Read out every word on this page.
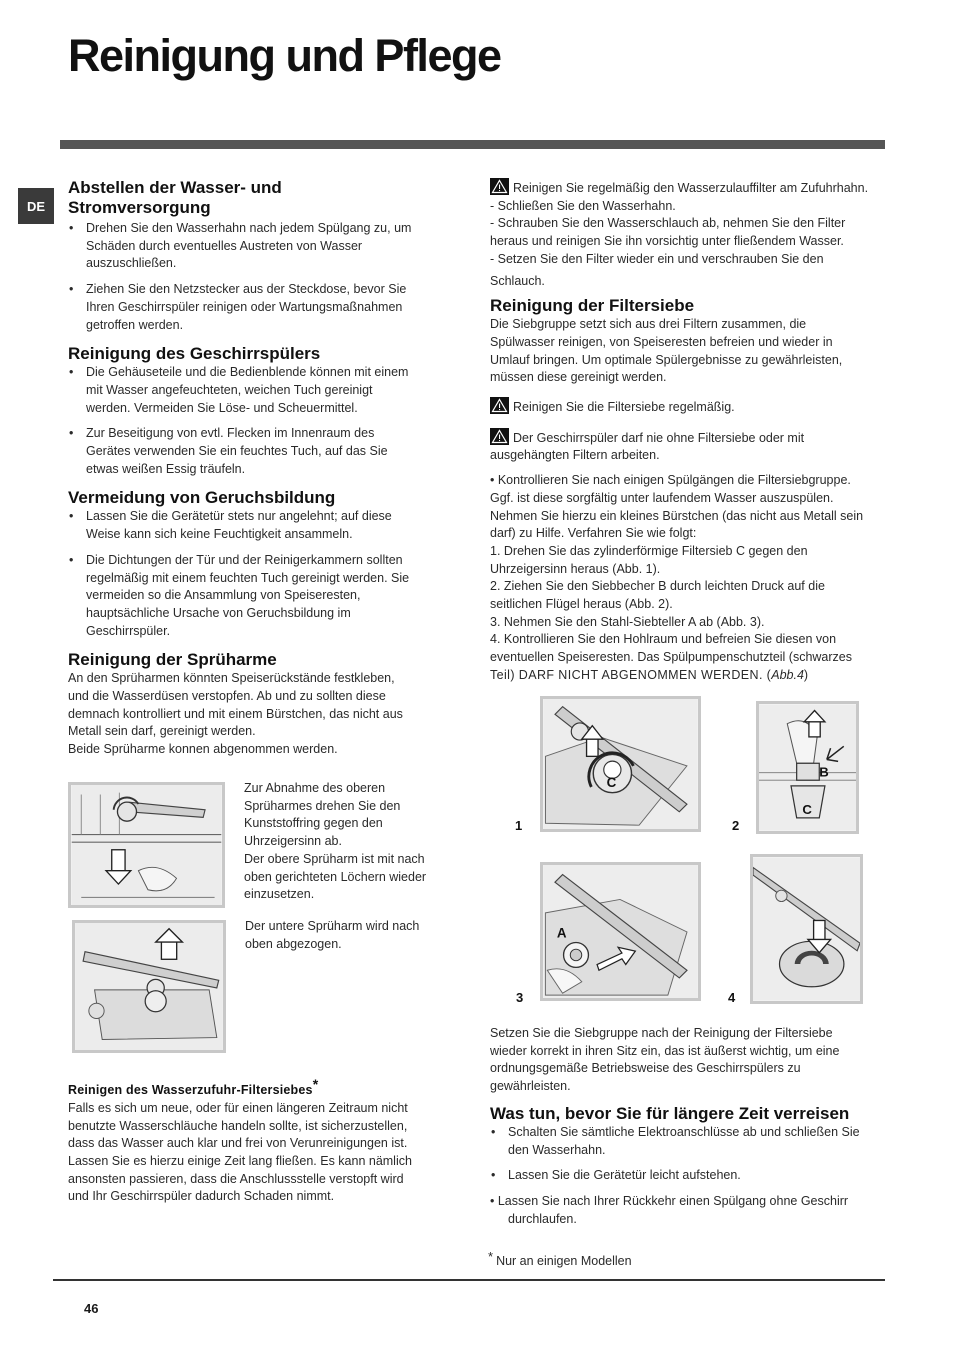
Reinigung und Pflege
DE
Abstellen der Wasser- und
Stromversorgung
• Drehen Sie den Wasserhahn nach jedem Spülgang zu, um
Schäden durch eventuelles Austreten von Wasser
auszuschließen.
• Ziehen Sie den Netzstecker aus der Steckdose, bevor Sie
Ihren Geschirrspüler reinigen oder Wartungsmaßnahmen
getroffen werden.
Reinigung des Geschirrspülers
• Die Gehäuseteile und die Bedienblende können mit einem
mit Wasser angefeuchteten, weichen Tuch gereinigt
werden. Vermeiden Sie Löse- und Scheuermittel.
• Zur Beseitigung von evtl. Flecken im Innenraum des
Gerätes verwenden Sie ein feuchtes Tuch, auf das Sie
etwas weißen Essig träufeln.
Vermeidung von Geruchsbildung
• Lassen Sie die Gerätetür stets nur angelehnt; auf diese
Weise kann sich keine Feuchtigkeit ansammeln.
• Die Dichtungen der Tür und der Reinigerkammern sollten
regelmäßig mit einem feuchten Tuch gereinigt werden. Sie
vermeiden so die Ansammlung von Speiseresten,
hauptsächliche Ursache von Geruchsbildung im
Geschirrspüler.
Reinigung der Sprüharme

An den Sprüharmen könnten Speiserückstände festkleben,
und die Wasserdüsen verstopfen. Ab und zu sollten diese
demnach kontrolliert und mit einem Bürstchen, das nicht aus
Metall sein darf, gereinigt werden.
Beide Sprüharme konnen abgenommen werden.

Zur Abnahme des oberen
Sprüharmes drehen Sie den
Kunststoffring gegen den
Uhrzeigersinn ab.
Der obere Sprüharm ist mit nach
oben gerichteten Löchern wieder
einzusetzen.
Der untere Sprüharm wird nach
oben abgezogen.
Reinigen des Wasserzufuhr-Filtersiebes*

Falls es sich um neue, oder für einen längeren Zeitraum nicht
benutzte Wasserschläuche handeln sollte, ist sicherzustellen,
dass das Wasser auch klar und frei von Verunreinigungen ist.
Lassen Sie es hierzu einige Zeit lang fließen. Es kann nämlich
ansonsten passieren, dass die Anschlussstelle verstopft wird
und Ihr Geschirrspüler dadurch Schaden nimmt.

Reinigen Sie regelmäßig den Wasserzulauffilter am Zufuhrhahn.
- Schließen Sie den Wasserhahn.
- Schrauben Sie den Wasserschlauch ab, nehmen Sie den Filter
heraus und reinigen Sie ihn vorsichtig unter fließendem Wasser.
- Setzen Sie den Filter wieder ein und verschrauben Sie den
Schlauch.
Reinigung der Filtersiebe

Die Siebgruppe setzt sich aus drei Filtern zusammen, die
Spülwasser reinigen, von Speiseresten befreien und wieder in
Umlauf bringen. Um optimale Spülergebnisse zu gewährleisten,
müssen diese gereinigt werden.

Reinigen Sie die Filtersiebe regelmäßig.
Der Geschirrspüler darf nie ohne Filtersiebe oder mit
ausgehängten Filtern arbeiten.

• Kontrollieren Sie nach einigen Spülgängen die Filtersiebgruppe.
Ggf. ist diese sorgfältig unter laufendem Wasser auszuspülen.
Nehmen Sie hierzu ein kleines Bürstchen (das nicht aus Metall sein
darf) zu Hilfe. Verfahren Sie wie folgt:
1. Drehen Sie das zylinderförmige Filtersieb C gegen den
Uhrzeigersinn heraus (Abb. 1).
2. Ziehen Sie den Siebbecher B durch leichten Druck auf die
seitlichen Flügel heraus (Abb. 2).
3. Nehmen Sie den Stahl-Siebteller A ab (Abb. 3).
4. Kontrollieren Sie den Hohlraum und befreien Sie diesen von
eventuellen Speiseresten. Das Spülpumpenschutzteil (schwarzes
Teil) DARF NICHT ABGENOMMEN WERDEN. (Abb.4)

C
1
B
C
2
A
3	4

Setzen Sie die Siebgruppe nach der Reinigung der Filtersiebe
wieder korrekt in ihren Sitz ein, das ist äußerst wichtig, um eine
ordnungsgemäße Betriebsweise des Geschirrspülers zu
gewährleisten.

Was tun, bevor Sie für längere Zeit verreisen
• Schalten Sie sämtliche Elektroanschlüsse ab und schließen Sie
den Wasserhahn.
• Lassen Sie die Gerätetür leicht aufstehen.

• Lassen Sie nach Ihrer Rückkehr einen Spülgang ohne Geschirr
durchlaufen.

* Nur an einigen Modellen
46
